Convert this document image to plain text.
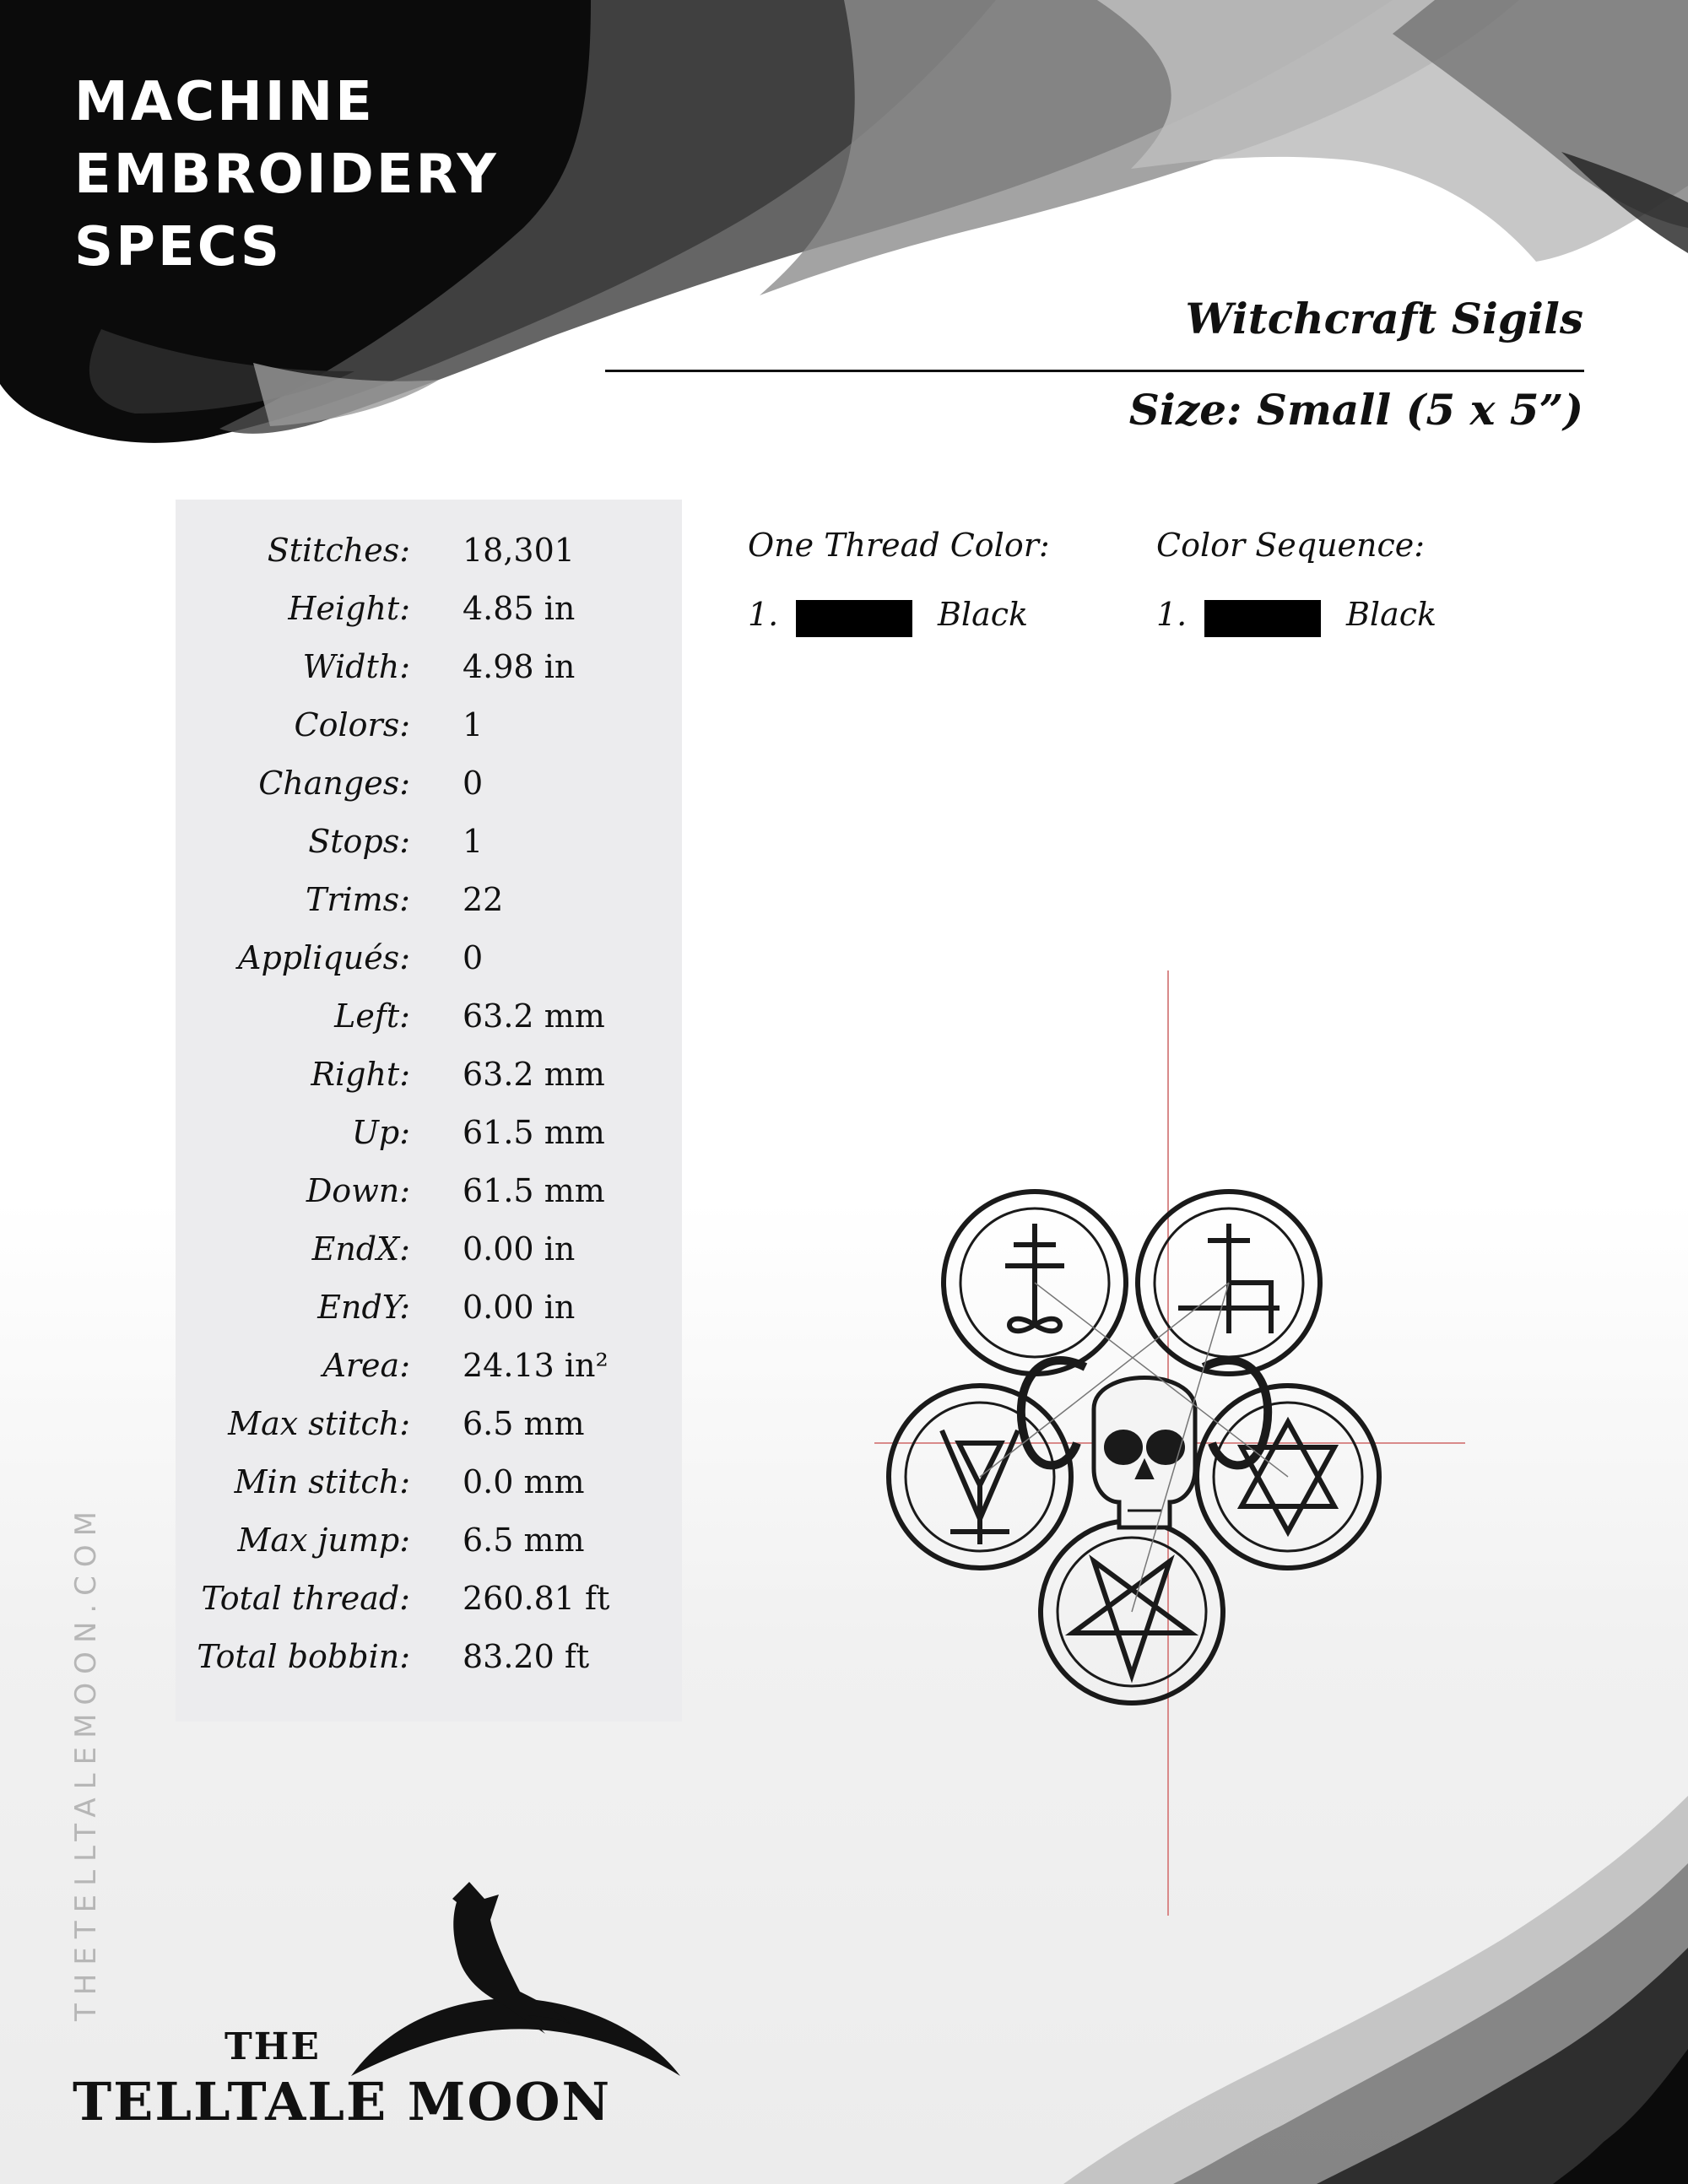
MACHINE
EMBROIDERY
SPECS
Witchcraft Sigils
Size: Small (5 x 5”)
Stitches: 18,301
Height: 4.85 in
Width: 4.98 in
Colors: 1
Changes: 0
Stops: 1
Trims: 22
Appliqués: 0
Left: 63.2 mm
Right: 63.2 mm
Up: 61.5 mm
Down: 61.5 mm
EndX: 0.00 in
EndY: 0.00 in
Area: 24.13 in²
Max stitch: 6.5 mm
Min stitch: 0.0 mm
Max jump: 6.5 mm
Total thread: 260.81 ft
Total bobbin: 83.20 ft
One Thread Color:
1.	Black
Color Sequence:
1.	Black
THETELLTALEMOON.COM
THE
TELLTALE MOON
